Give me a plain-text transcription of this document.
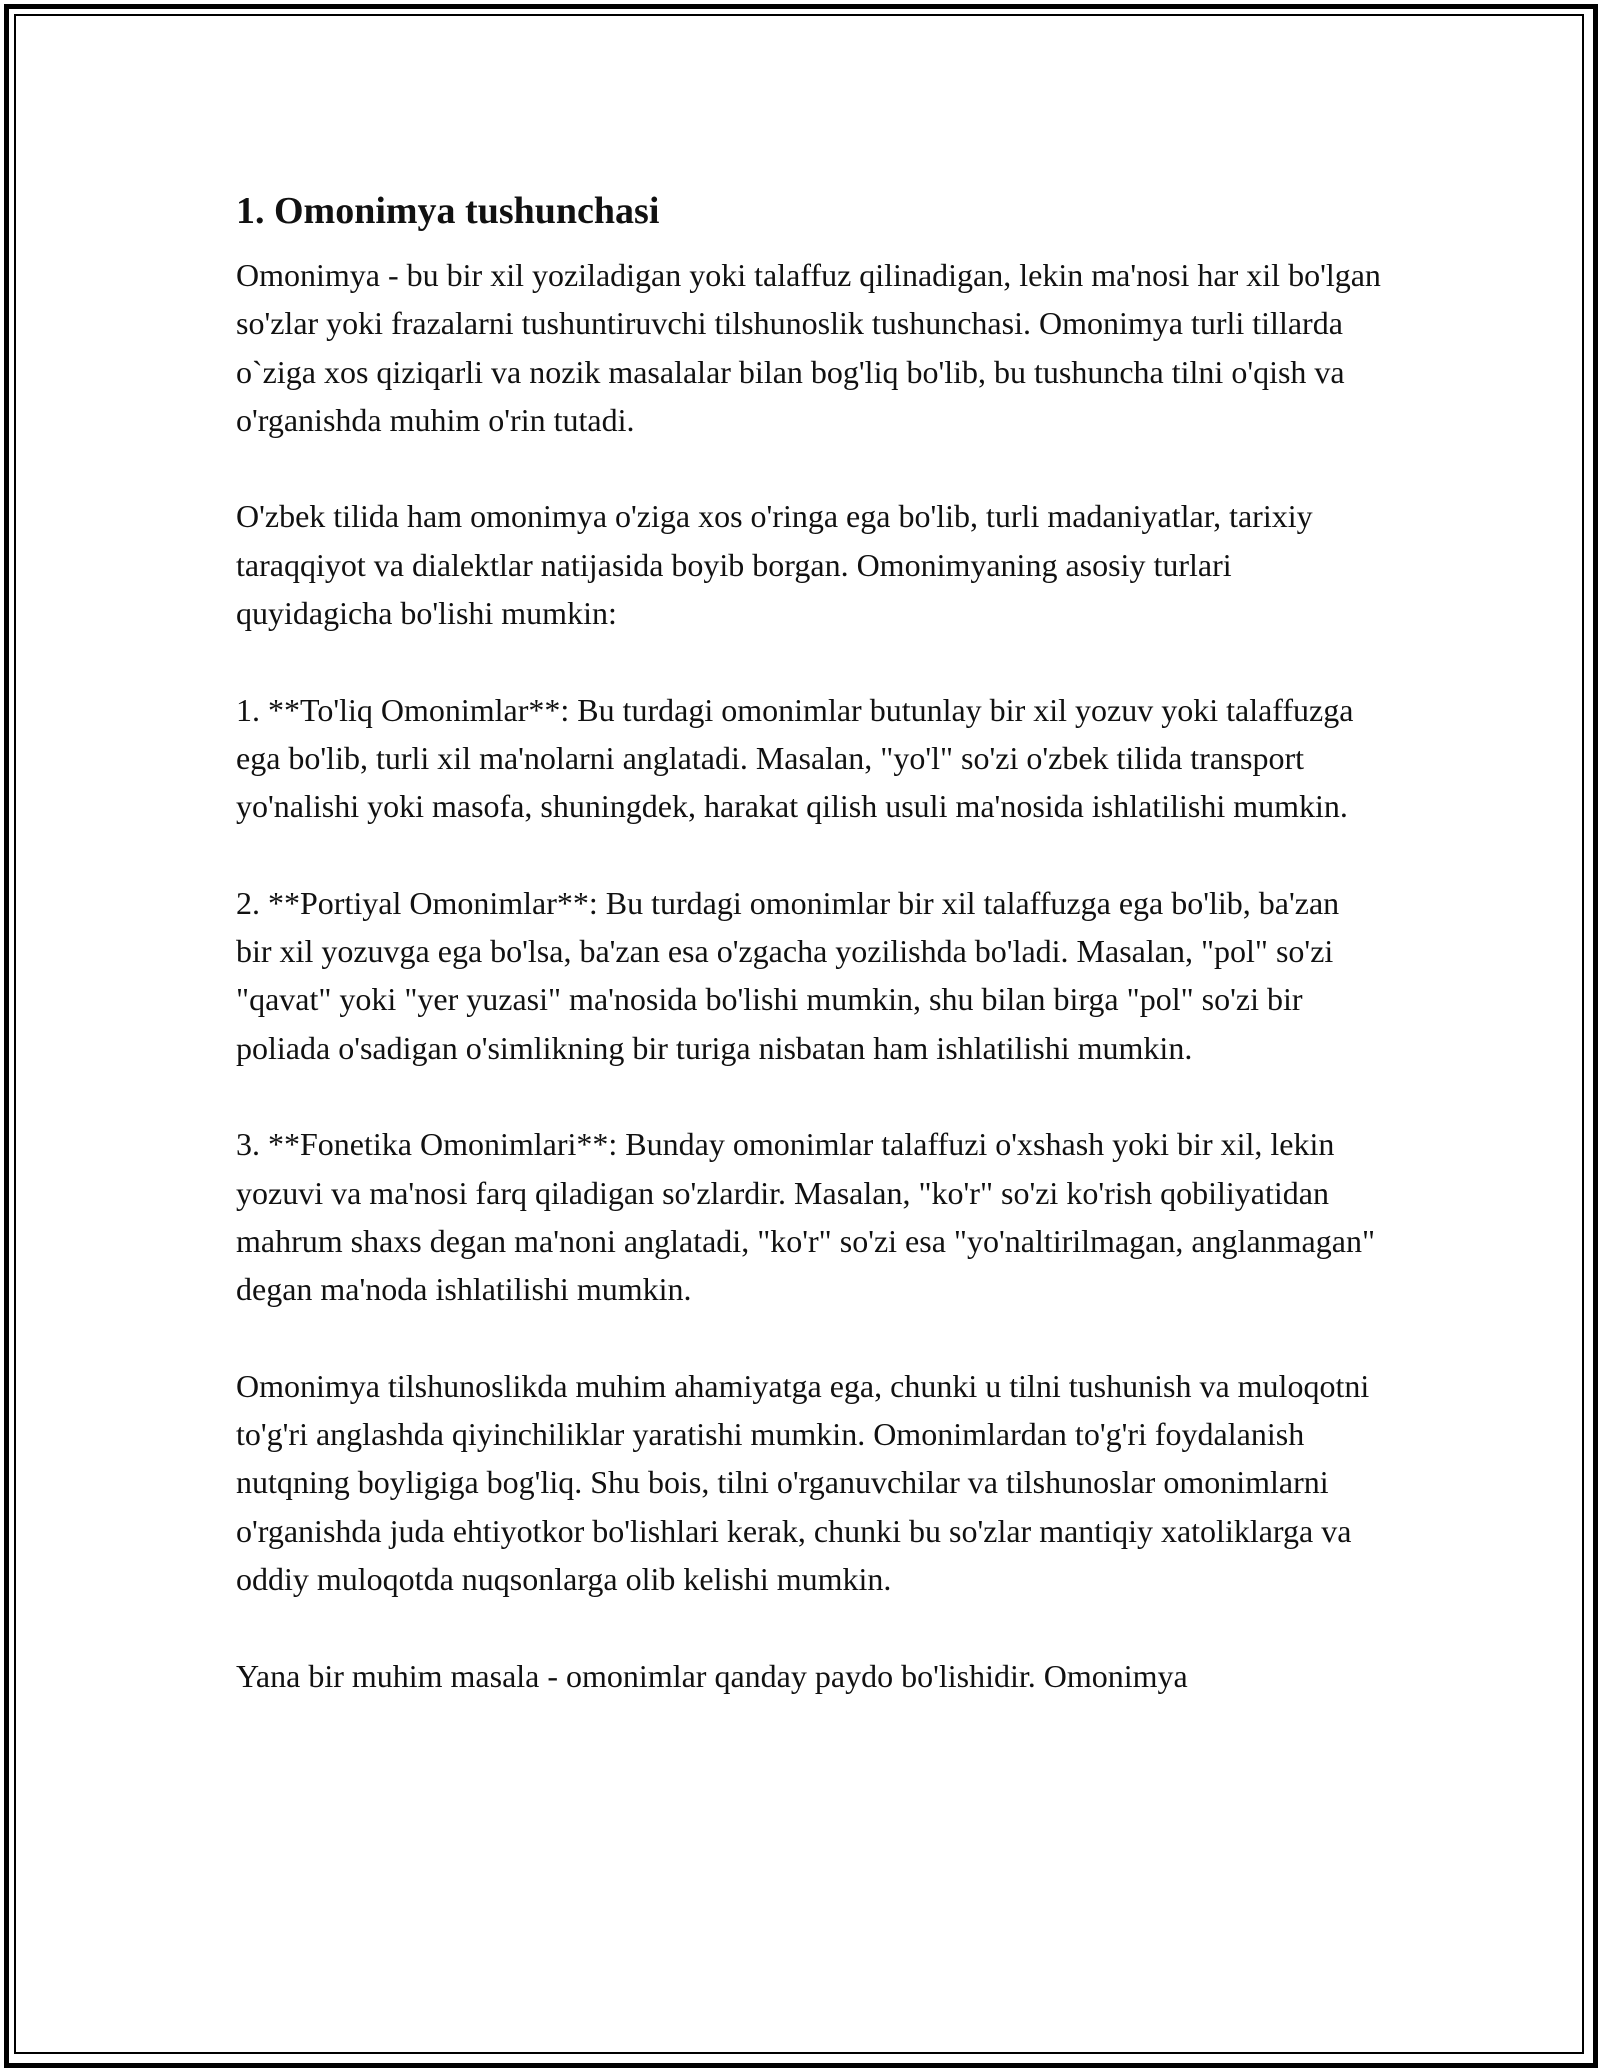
1. Omonimya tushunchasi

Omonimya - bu bir xil yoziladigan yoki talaffuz qilinadigan, lekin ma'nosi har xil bo'lgan so'zlar yoki frazalarni tushuntiruvchi tilshunoslik tushunchasi. Omonimya turli tillarda o`ziga xos qiziqarli va nozik masalalar bilan bog'liq bo'lib, bu tushuncha tilni o'qish va o'rganishda muhim o'rin tutadi.

O'zbek tilida ham omonimya o'ziga xos o'ringa ega bo'lib, turli madaniyatlar, tarixiy taraqqiyot va dialektlar natijasida boyib borgan. Omonimyaning asosiy turlari quyidagicha bo'lishi mumkin:

1. **To'liq Omonimlar**: Bu turdagi omonimlar butunlay bir xil yozuv yoki talaffuzga ega bo'lib, turli xil ma'nolarni anglatadi. Masalan, "yo'l" so'zi o'zbek tilida transport yo'nalishi yoki masofa, shuningdek, harakat qilish usuli ma'nosida ishlatilishi mumkin.

2. **Portiyal Omonimlar**: Bu turdagi omonimlar bir xil talaffuzga ega bo'lib, ba'zan bir xil yozuvga ega bo'lsa, ba'zan esa o'zgacha yozilishda bo'ladi. Masalan, "pol" so'zi "qavat" yoki "yer yuzasi" ma'nosida bo'lishi mumkin, shu bilan birga "pol" so'zi bir poliada o'sadigan o'simlikning bir turiga nisbatan ham ishlatilishi mumkin.

3. **Fonetika Omonimlari**: Bunday omonimlar talaffuzi o'xshash yoki bir xil, lekin yozuvi va ma'nosi farq qiladigan so'zlardir. Masalan, "ko'r" so'zi ko'rish qobiliyatidan mahrum shaxs degan ma'noni anglatadi, "ko'r" so'zi esa "yo'naltirilmagan, anglanmagan" degan ma'noda ishlatilishi mumkin.

Omonimya tilshunoslikda muhim ahamiyatga ega, chunki u tilni tushunish va muloqotni to'g'ri anglashda qiyinchiliklar yaratishi mumkin. Omonimlardan to'g'ri foydalanish nutqning boyligiga bog'liq. Shu bois, tilni o'rganuvchilar va tilshunoslar omonimlarni o'rganishda juda ehtiyotkor bo'lishlari kerak, chunki bu so'zlar mantiqiy xatoliklarga va oddiy muloqotda nuqsonlarga olib kelishi mumkin.

Yana bir muhim masala - omonimlar qanday paydo bo'lishidir. Omonimya
